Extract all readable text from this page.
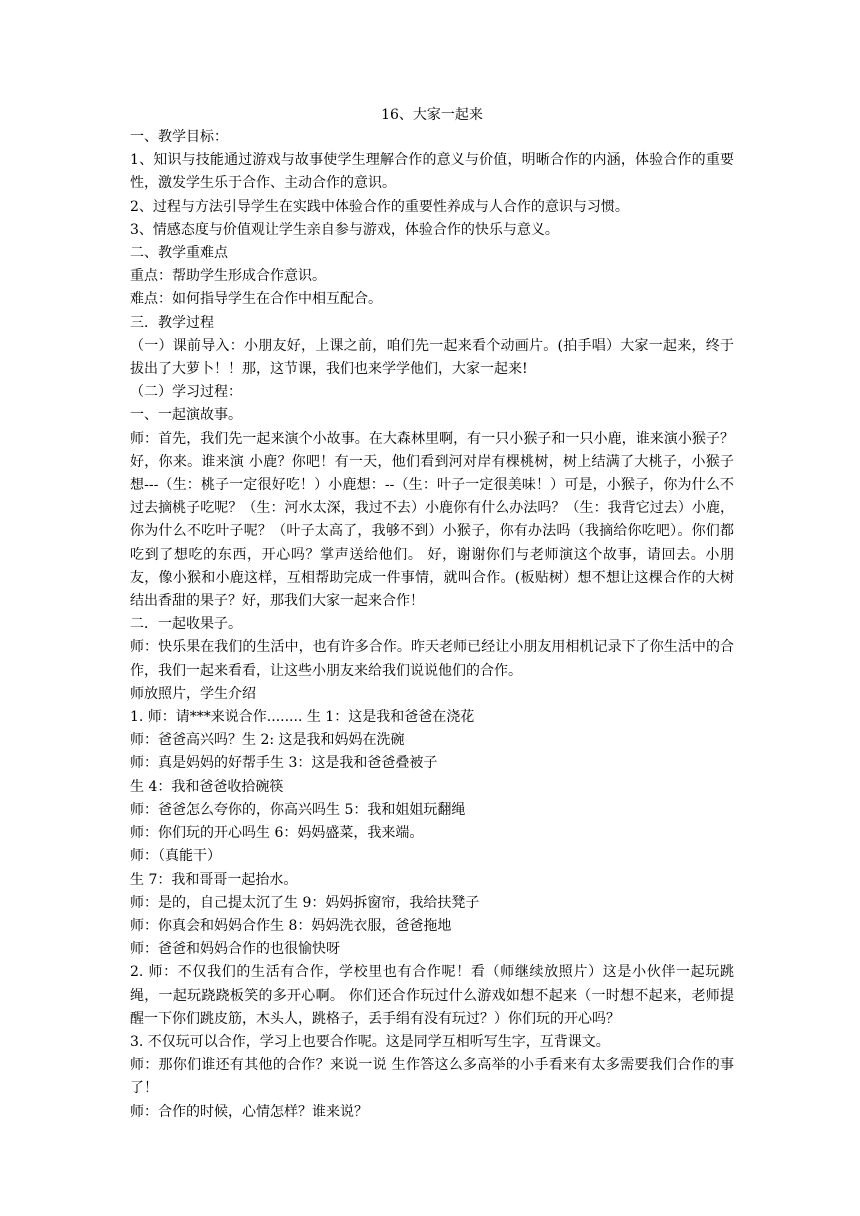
16、大家一起来

一、教学目标：

1、知识与技能通过游戏与故事使学生理解合作的意义与价值，明晰合作的内涵，体验合作的重要性，激发学生乐于合作、主动合作的意识。

2、过程与方法引导学生在实践中体验合作的重要性养成与人合作的意识与习惯。

3、情感态度与价值观让学生亲自参与游戏，体验合作的快乐与意义。

二、教学重难点

重点：帮助学生形成合作意识。

难点：如何指导学生在合作中相互配合。

三．教学过程

（一）课前导入：小朋友好，上课之前，咱们先一起来看个动画片。(拍手唱）大家一起来，终于拔出了大萝卜！！那，这节课，我们也来学学他们，大家一起来!

（二）学习过程：

一、一起演故事。

师：首先，我们先一起来演个小故事。在大森林里啊，有一只小猴子和一只小鹿，谁来演小猴子？好，你来。谁来演 小鹿？你吧！有一天，他们看到河对岸有棵桃树，树上结满了大桃子，小猴子想---（生：桃子一定很好吃！）小鹿想：--（生：叶子一定很美味！）可是，小猴子，你为什么不过去摘桃子吃呢？（生：河水太深，我过不去）小鹿你有什么办法吗？（生：我背它过去）小鹿，你为什么不吃叶子呢？（叶子太高了，我够不到）小猴子，你有办法吗（我摘给你吃吧）。你们都吃到了想吃的东西，开心吗？掌声送给他们。 好，谢谢你们与老师演这个故事，请回去。小朋友，像小猴和小鹿这样，互相帮助完成一件事情，就叫合作。(板贴树）想不想让这棵合作的大树结出香甜的果子？好，那我们大家一起来合作！

二．一起收果子。

师：快乐果在我们的生活中，也有许多合作。昨天老师已经让小朋友用相机记录下了你生活中的合作，我们一起来看看，让这些小朋友来给我们说说他们的合作。

师放照片，学生介绍

1. 师：请***来说合作........ 生 1：这是我和爸爸在浇花

师：爸爸高兴吗？生 2: 这是我和妈妈在洗碗

师：真是妈妈的好帮手生 3：这是我和爸爸叠被子

生 4：我和爸爸收拾碗筷

师：爸爸怎么夸你的，你高兴吗生 5：我和姐姐玩翻绳

师：你们玩的开心吗生 6：妈妈盛菜，我来端。

师：（真能干）

生 7：我和哥哥一起抬水。

师：是的，自己提太沉了生 9：妈妈拆窗帘，我给扶凳子

师：你真会和妈妈合作生 8：妈妈洗衣服，爸爸拖地

师：爸爸和妈妈合作的也很愉快呀

2. 师：不仅我们的生活有合作，学校里也有合作呢！看（师继续放照片）这是小伙伴一起玩跳绳，一起玩跷跷板笑的多开心啊。 你们还合作玩过什么游戏如想不起来（一时想不起来，老师提醒一下你们跳皮筋，木头人，跳格子，丢手绢有没有玩过？）你们玩的开心吗？

3. 不仅玩可以合作，学习上也要合作呢。这是同学互相听写生字，互背课文。

师：那你们谁还有其他的合作？来说一说 生作答这么多高举的小手看来有太多需要我们合作的事了！

师：合作的时候，心情怎样？谁来说？
